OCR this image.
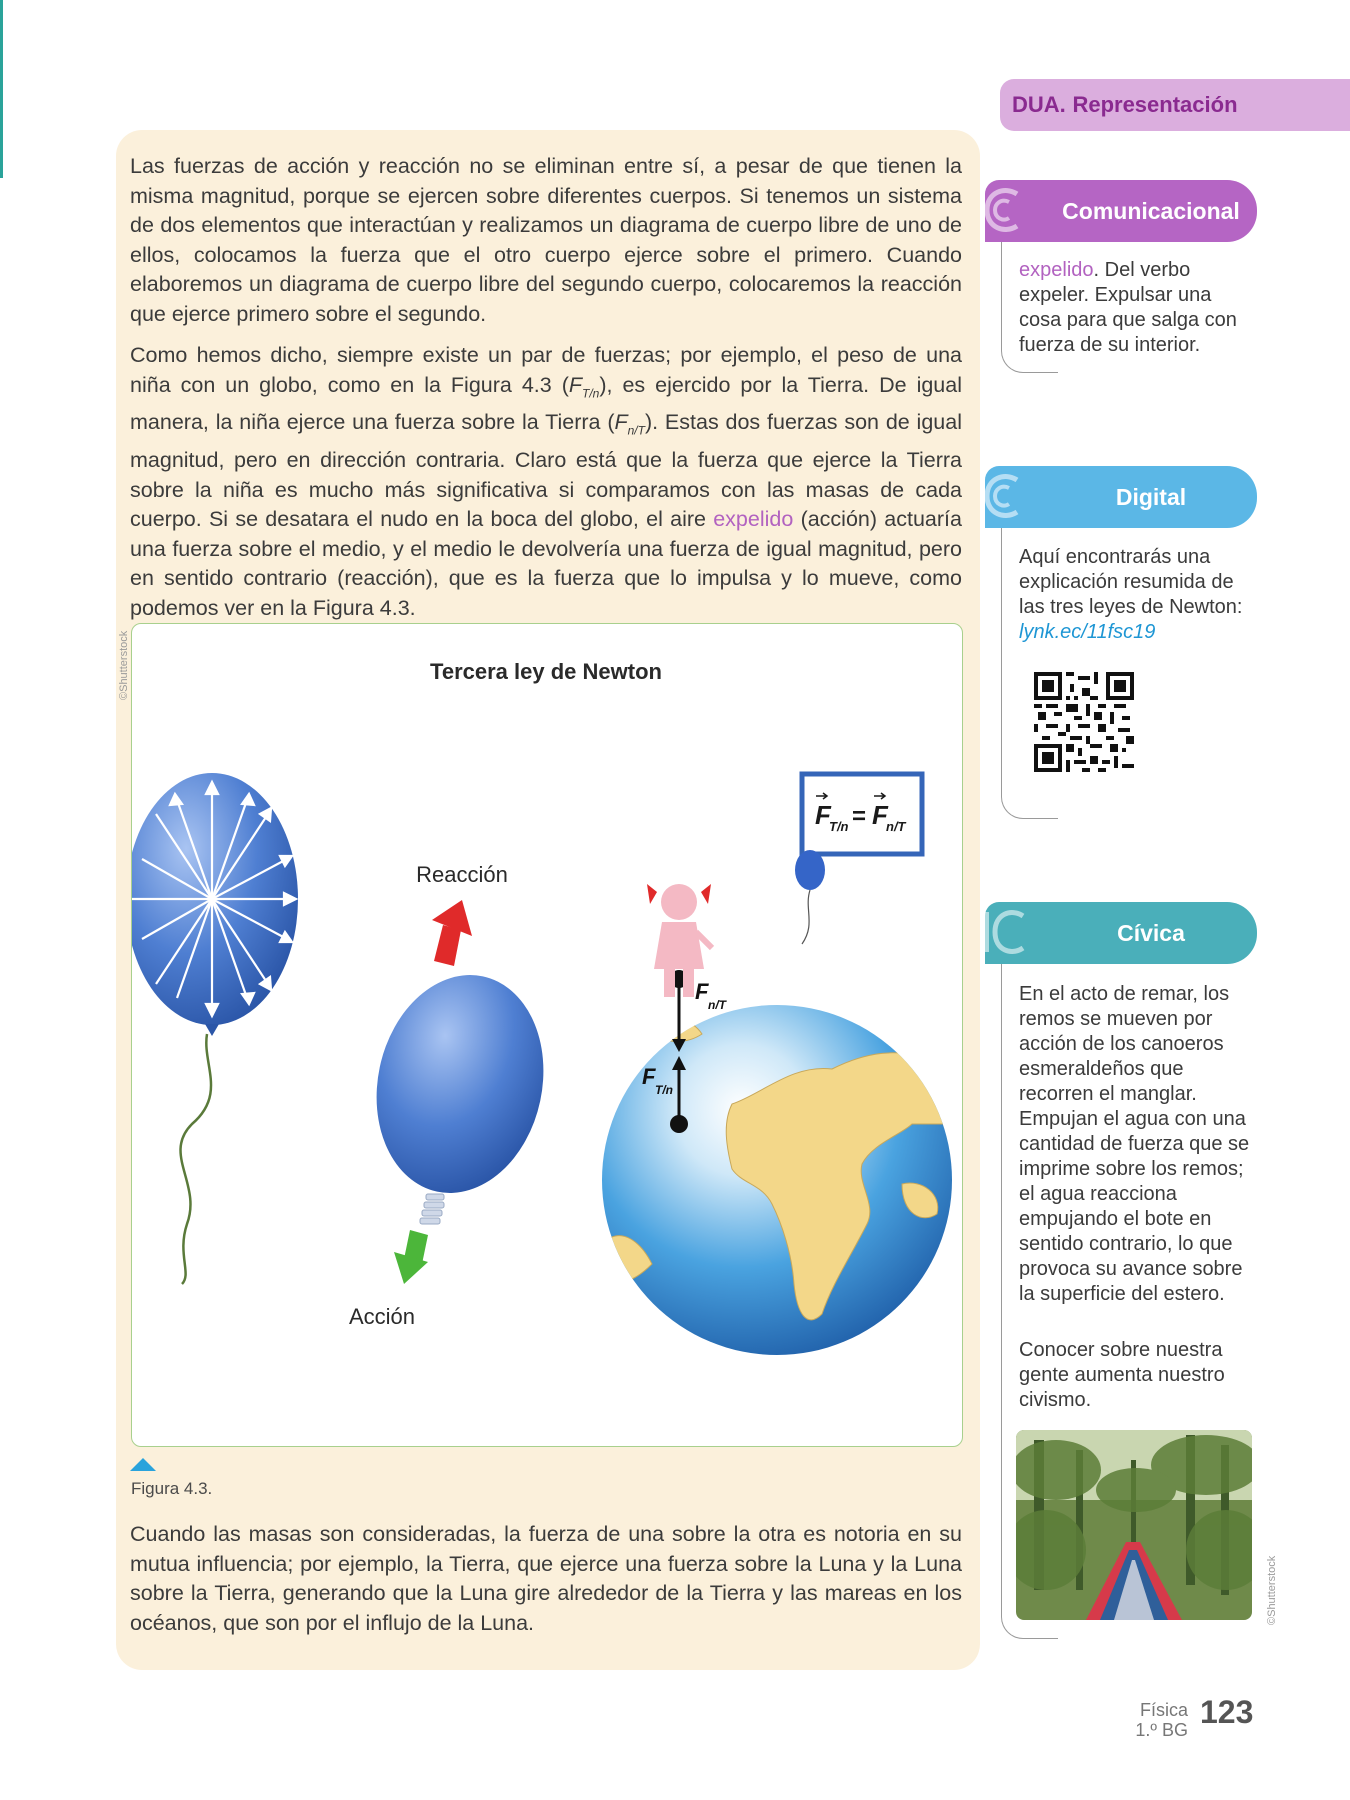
DUA. Representación

Las fuerzas de acción y reacción no se eliminan entre sí, a pesar de que tienen la misma magnitud, porque se ejercen sobre diferentes cuerpos. Si tenemos un sistema de dos elementos que interactúan y realizamos un diagrama de cuerpo libre de uno de ellos, colocamos la fuerza que el otro cuerpo ejerce sobre el primero. Cuando elaboremos un diagrama de cuerpo libre del segundo cuerpo, colocaremos la reacción que ejerce primero sobre el segundo.

Como hemos dicho, siempre existe un par de fuerzas; por ejemplo, el peso de una niña con un globo, como en la Figura 4.3 $(F_{T/n})$, es ejercido por la Tierra. De igual manera, la niña ejerce una fuerza sobre la Tierra $(F_{n/T})$. Estas dos fuerzas son de igual magnitud, pero en dirección contraria. Claro está que la fuerza que ejerce la Tierra sobre la niña es mucho más significativa si comparamos con las masas de cada cuerpo. Si se desatara el nudo en la boca del globo, el aire expelido (acción) actuaría una fuerza sobre el medio, y el medio le devolvería una fuerza de igual magnitud, pero en sentido contrario (reacción), que es la fuerza que lo impulsa y lo mueve, como podemos ver en la Figura 4.3.

©Shutterstock	Tercera ley de Newton
Reacción
Acción
F
T/n = F
n/T
F
n/T
F
T/n
Figura 4.3.

Cuando las masas son consideradas, la fuerza de una sobre la otra es notoria en su mutua influencia; por ejemplo, la Tierra, que ejerce una fuerza sobre la Luna y la Luna sobre la Tierra, generando que la Luna gire alrededor de la Tierra y las mareas en los océanos, que son por el influjo de la Luna.

Comunicacional
expelido. Del verbo expeler. Expulsar una cosa para que salga con fuerza de su interior.
Digital
Aquí encontrarás una explicación resumida de las tres leyes de Newton: lynk.ec/11fsc19
Cívica
En el acto de remar, los remos se mueven por acción de los canoeros esmeraldeños que recorren el manglar. Empujan el agua con una cantidad de fuerza que se imprime sobre los remos; el agua reacciona empujando el bote en sentido contrario, lo que provoca su avance sobre la superficie del estero.
Conocer sobre nuestra gente aumenta nuestro civismo.
©Shutterstock
Física
1.º BG 123
